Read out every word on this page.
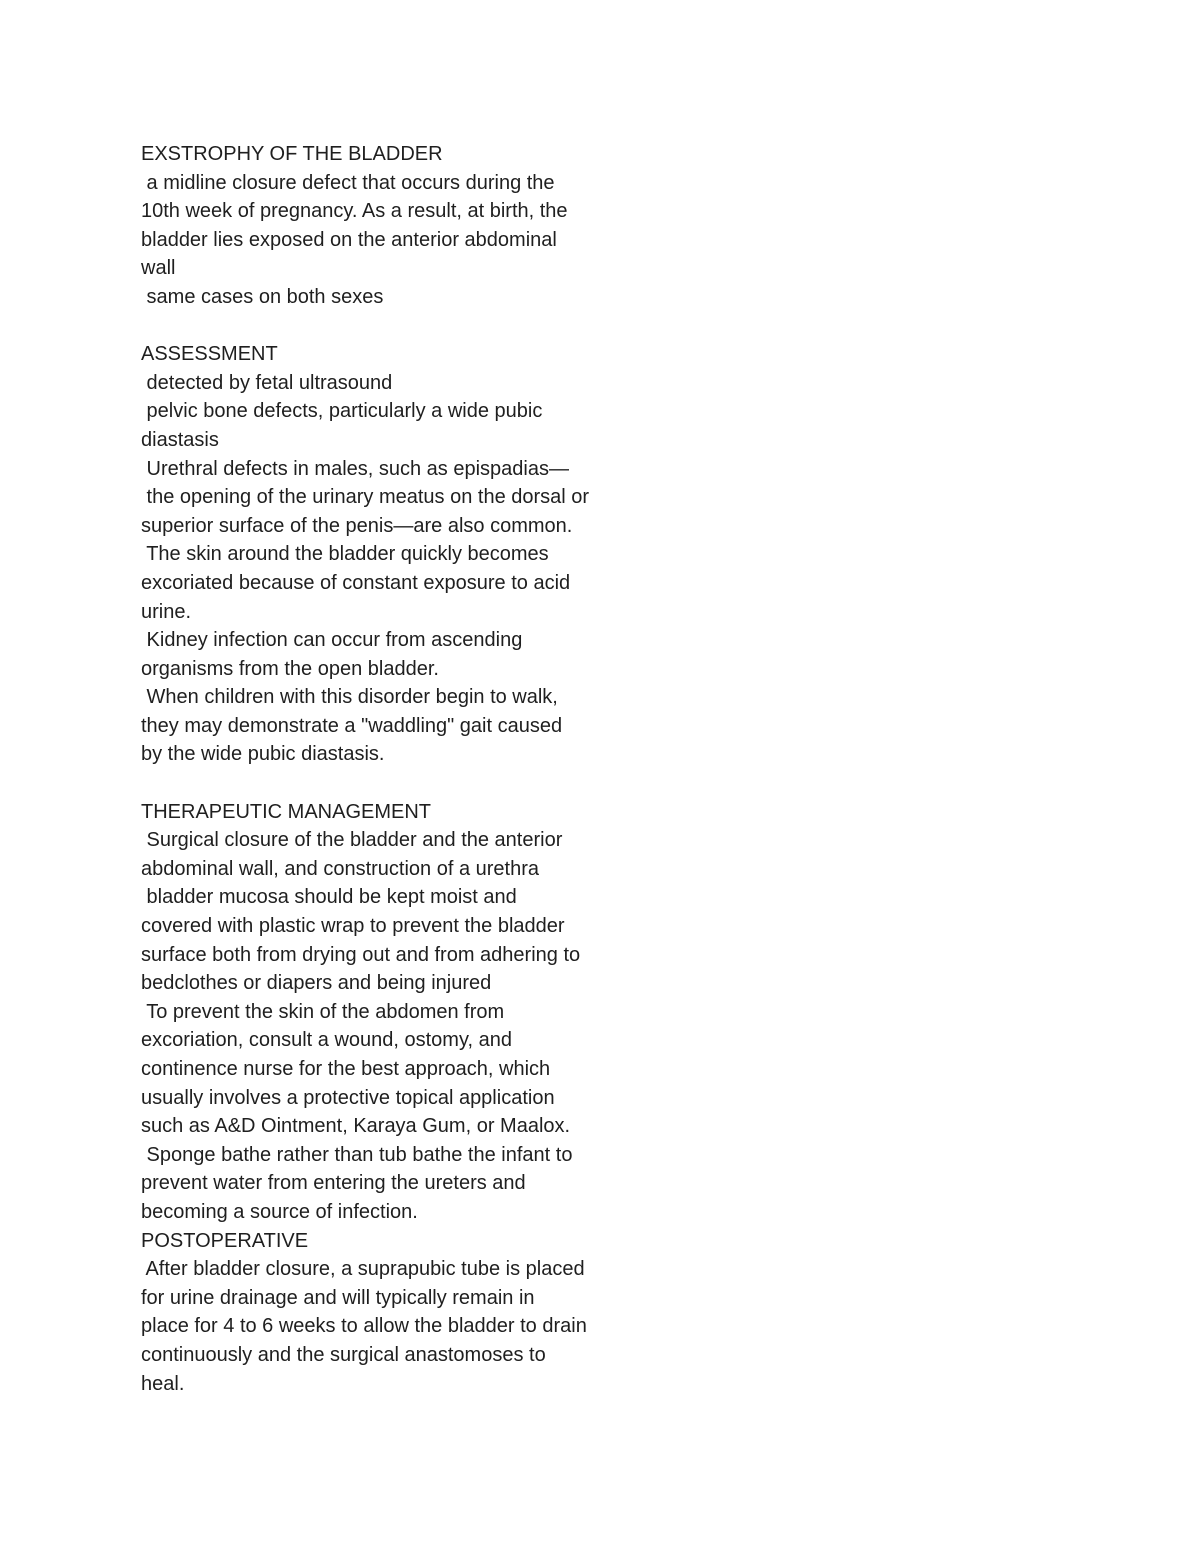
EXSTROPHY OF THE BLADDER
a midline closure defect that occurs during the
10th week of pregnancy. As a result, at birth, the
bladder lies exposed on the anterior abdominal
wall
same cases on both sexes
ASSESSMENT
detected by fetal ultrasound
pelvic bone defects, particularly a wide pubic
diastasis
Urethral defects in males, such as epispadias—
the opening of the urinary meatus on the dorsal or
superior surface of the penis—are also common.
The skin around the bladder quickly becomes
excoriated because of constant exposure to acid
urine.
Kidney infection can occur from ascending
organisms from the open bladder.
When children with this disorder begin to walk,
they may demonstrate a "waddling" gait caused
by the wide pubic diastasis.
THERAPEUTIC MANAGEMENT
Surgical closure of the bladder and the anterior
abdominal wall, and construction of a urethra
bladder mucosa should be kept moist and
covered with plastic wrap to prevent the bladder
surface both from drying out and from adhering to
bedclothes or diapers and being injured
To prevent the skin of the abdomen from
excoriation, consult a wound, ostomy, and
continence nurse for the best approach, which
usually involves a protective topical application
such as A&D Ointment, Karaya Gum, or Maalox.
Sponge bathe rather than tub bathe the infant to
prevent water from entering the ureters and
becoming a source of infection.
POSTOPERATIVE
After bladder closure, a suprapubic tube is placed
for urine drainage and will typically remain in
place for 4 to 6 weeks to allow the bladder to drain
continuously and the surgical anastomoses to
heal.
